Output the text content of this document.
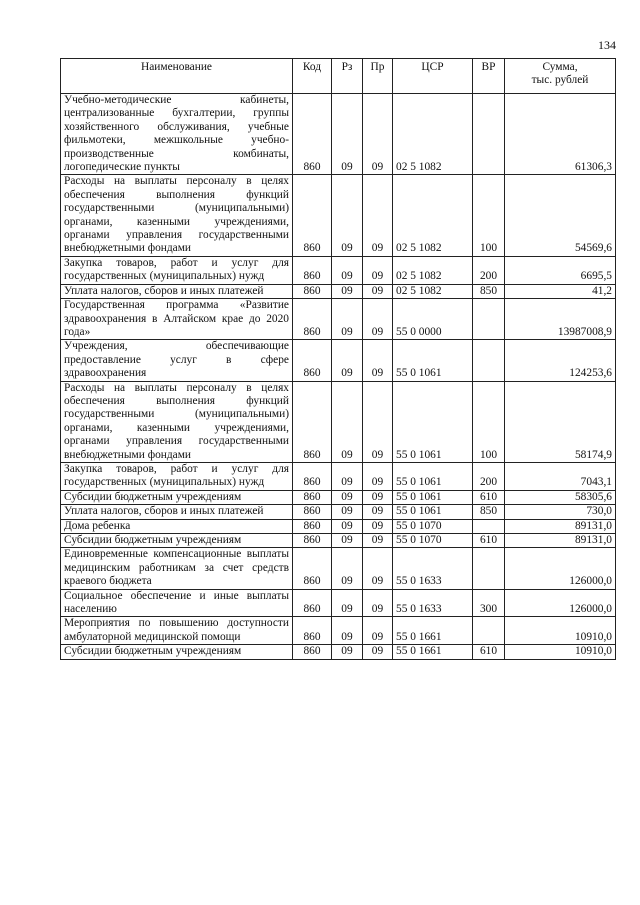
134
Наименование	Код	Рз	Пр	ЦСР	ВР	Сумма,
тыс. рублей
Учебно-методические кабинеты, централизованные бухгалтерии, группы хозяйственного обслуживания, учебные фильмотеки, межшкольные учебно-производственные комбинаты, логопедические пункты	860	09	09	02 5 1082		61306,3
Расходы на выплаты персоналу в целях обеспечения выполнения функций государственными (муниципальными) органами, казенными учреждениями, органами управления государственными внебюджетными фондами	860	09	09	02 5 1082	100	54569,6
Закупка товаров, работ и услуг для государственных (муниципальных) нужд	860	09	09	02 5 1082	200	6695,5
Уплата налогов, сборов и иных платежей	860	09	09	02 5 1082	850	41,2
Государственная программа «Развитие здравоохранения в Алтайском крае до 2020 года»	860	09	09	55 0 0000		13987008,9
Учреждения, обеспечивающие предоставление услуг в сфере здравоохранения	860	09	09	55 0 1061		124253,6
Расходы на выплаты персоналу в целях обеспечения выполнения функций государственными (муниципальными) органами, казенными учреждениями, органами управления государственными внебюджетными фондами	860	09	09	55 0 1061	100	58174,9
Закупка товаров, работ и услуг для государственных (муниципальных) нужд	860	09	09	55 0 1061	200	7043,1
Субсидии бюджетным учреждениям	860	09	09	55 0 1061	610	58305,6
Уплата налогов, сборов и иных платежей	860	09	09	55 0 1061	850	730,0
Дома ребенка	860	09	09	55 0 1070		89131,0
Субсидии бюджетным учреждениям	860	09	09	55 0 1070	610	89131,0
Единовременные компенсационные выплаты медицинским работникам за счет средств краевого бюджета	860	09	09	55 0 1633		126000,0
Социальное обеспечение и иные выплаты населению	860	09	09	55 0 1633	300	126000,0
Мероприятия по повышению доступности амбулаторной медицинской помощи	860	09	09	55 0 1661		10910,0
Субсидии бюджетным учреждениям	860	09	09	55 0 1661	610	10910,0
